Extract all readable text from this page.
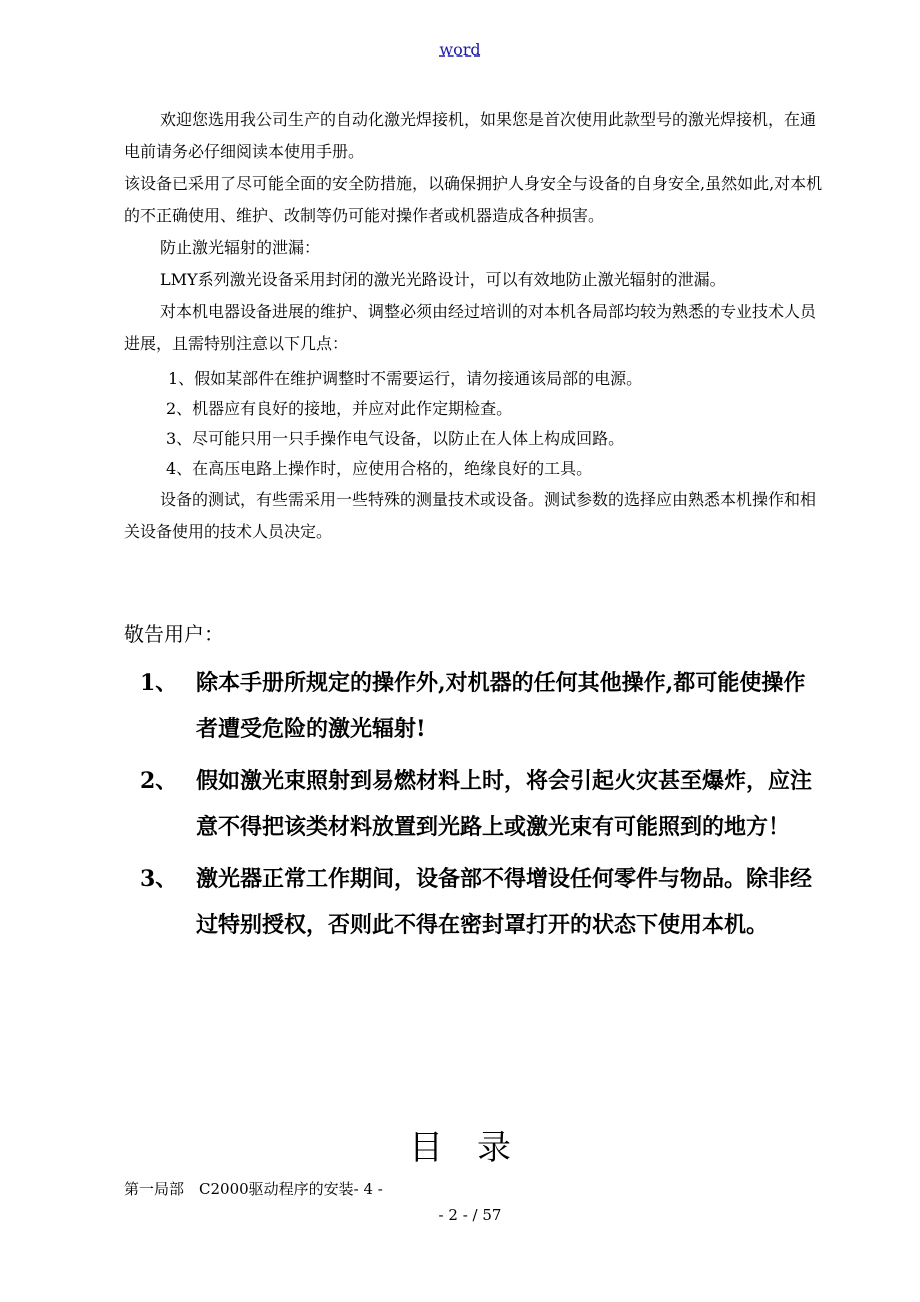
word

欢迎您选用我公司生产的自动化激光焊接机，如果您是首次使用此款型号的激光焊接机，在通电前请务必仔细阅读本使用手册。

该设备已采用了尽可能全面的安全防措施，以确保拥护人身安全与设备的自身安全,虽然如此,对本机的不正确使用、维护、改制等仍可能对操作者或机器造成各种损害。

防止激光辐射的泄漏：

LMY系列激光设备采用封闭的激光光路设计，可以有效地防止激光辐射的泄漏。

对本机电器设备进展的维护、调整必须由经过培训的对本机各局部均较为熟悉的专业技术人员进展，且需特别注意以下几点：

1、假如某部件在维护调整时不需要运行，请勿接通该局部的电源。

2、机器应有良好的接地，并应对此作定期检查。

3、尽可能只用一只手操作电气设备，以防止在人体上构成回路。

4、在高压电路上操作时，应使用合格的，绝缘良好的工具。

设备的测试，有些需采用一些特殊的测量技术或设备。测试参数的选择应由熟悉本机操作和相关设备使用的技术人员决定。

敬告用户：
1、 除本手册所规定的操作外,对机器的任何其他操作,都可能使操作者遭受危险的激光辐射!
2、 假如激光束照射到易燃材料上时，将会引起火灾甚至爆炸，应注意不得把该类材料放置到光路上或激光束有可能照到的地方！
3、 激光器正常工作期间，设备部不得增设任何零件与物品。除非经过特别授权，否则此不得在密封罩打开的状态下使用本机。
目录
第一局部　C2000驱动程序的安装- 4 -
- 2 - / 57
